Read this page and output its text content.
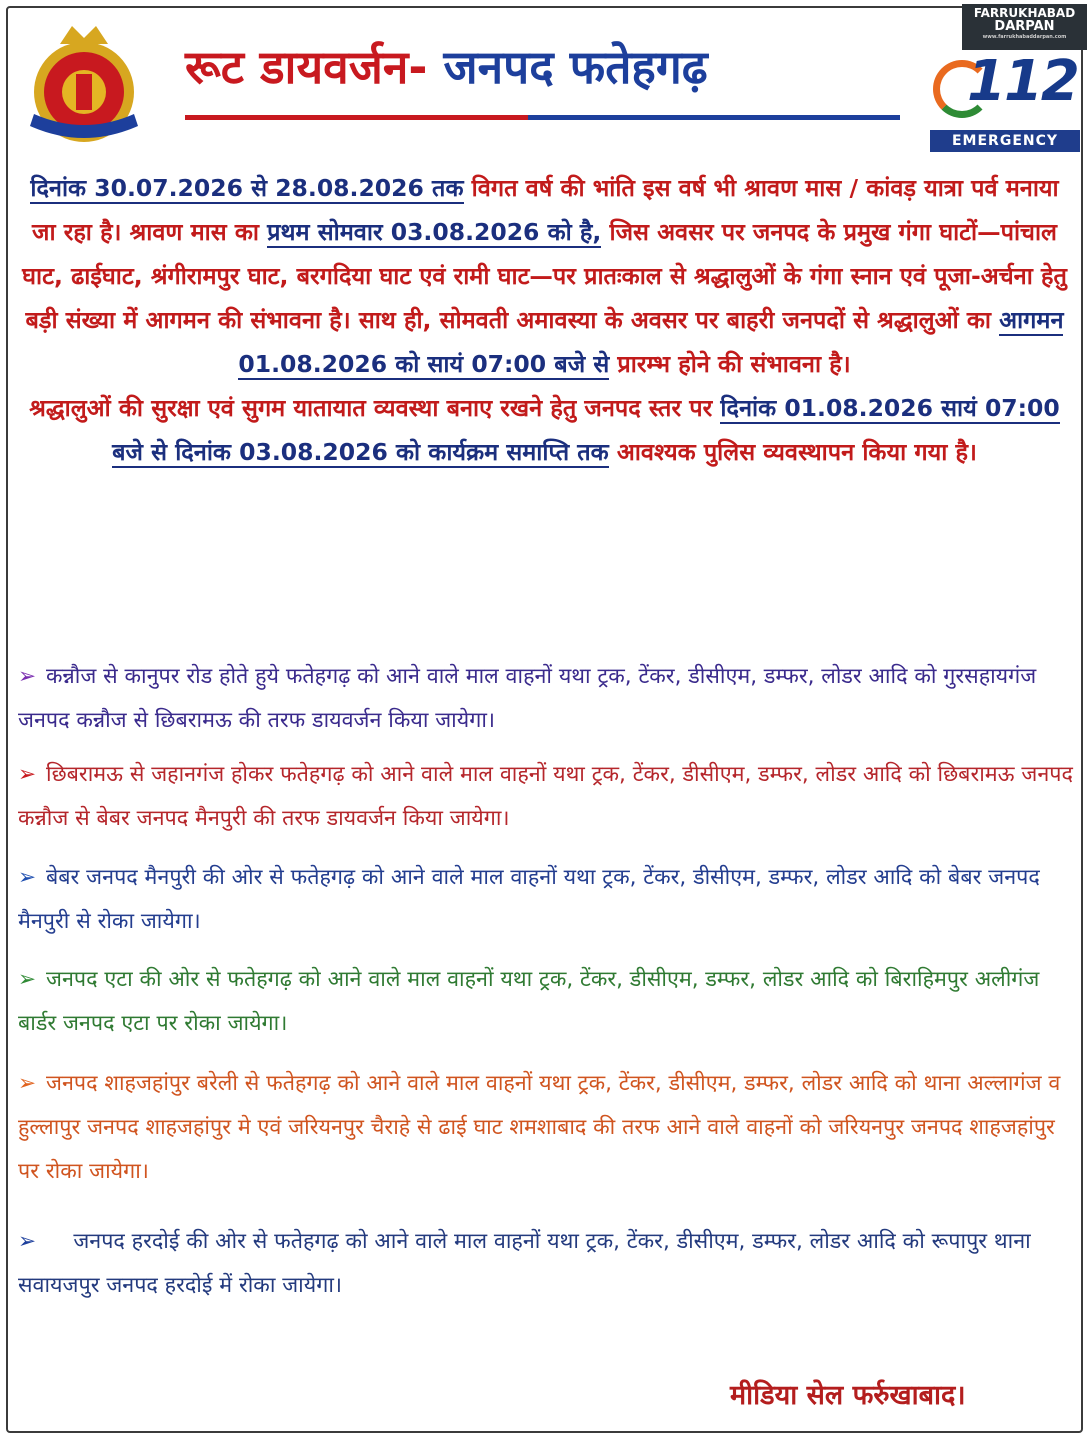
रूट डायवर्जन- जनपद फतेहगढ़
FARRUKHABAD
DARPAN
www.farrukhabaddarpan.com
112
EMERGENCY

दिनांक 30.07.2026 से 28.08.2026 तक विगत वर्ष की भांति इस वर्ष भी श्रावण मास / कांवड़ यात्रा पर्व मनाया जा रहा है। श्रावण मास का प्रथम सोमवार 03.08.2026 को है, जिस अवसर पर जनपद के प्रमुख गंगा घाटों—पांचाल घाट, ढाईघाट, श्रंगीरामपुर घाट, बरगदिया घाट एवं रामी घाट—पर प्रातःकाल से श्रद्धालुओं के गंगा स्नान एवं पूजा-अर्चना हेतु बड़ी संख्या में आगमन की संभावना है। साथ ही, सोमवती अमावस्या के अवसर पर बाहरी जनपदों से श्रद्धालुओं का आगमन 01.08.2026 को सायं 07:00 बजे से प्रारम्भ होने की संभावना है।
श्रद्धालुओं की सुरक्षा एवं सुगम यातायात व्यवस्था बनाए रखने हेतु जनपद स्तर पर दिनांक 01.08.2026 सायं 07:00 बजे से दिनांक 03.08.2026 को कार्यक्रम समाप्ति तक आवश्यक पुलिस व्यवस्थापन किया गया है।

➢ कन्नौज से कानुपर रोड होते हुये फतेहगढ़ को आने वाले माल वाहनों यथा ट्रक, टेंकर, डीसीएम, डम्फर, लोडर आदि को गुरसहायगंज जनपद कन्नौज से छिबरामऊ की तरफ डायवर्जन किया जायेगा।

➢ छिबरामऊ से जहानगंज होकर फतेहगढ़ को आने वाले माल वाहनों यथा ट्रक, टेंकर, डीसीएम, डम्फर, लोडर आदि को छिबरामऊ जनपद कन्नौज से बेबर जनपद मैनपुरी की तरफ डायवर्जन किया जायेगा।

➢ बेबर जनपद मैनपुरी की ओर से फतेहगढ़ को आने वाले माल वाहनों यथा ट्रक, टेंकर, डीसीएम, डम्फर, लोडर आदि को बेबर जनपद मैनपुरी से रोका जायेगा।

➢ जनपद एटा की ओर से फतेहगढ़ को आने वाले माल वाहनों यथा ट्रक, टेंकर, डीसीएम, डम्फर, लोडर आदि को बिराहिमपुर अलीगंज बार्डर जनपद एटा पर रोका जायेगा।

➢ जनपद शाहजहांपुर बरेली से फतेहगढ़ को आने वाले माल वाहनों यथा ट्रक, टेंकर, डीसीएम, डम्फर, लोडर आदि को थाना अल्लागंज व हुल्लापुर जनपद शाहजहांपुर मे एवं जरियनपुर चैराहे से ढाई घाट शमशाबाद की तरफ आने वाले वाहनों को जरियनपुर जनपद शाहजहांपुर पर रोका जायेगा।

➢    जनपद हरदोई की ओर से फतेहगढ़ को आने वाले माल वाहनों यथा ट्रक, टेंकर, डीसीएम, डम्फर, लोडर आदि को रूपापुर थाना सवायजपुर जनपद हरदोई में रोका जायेगा।

मीडिया सेल फर्रुखाबाद।
